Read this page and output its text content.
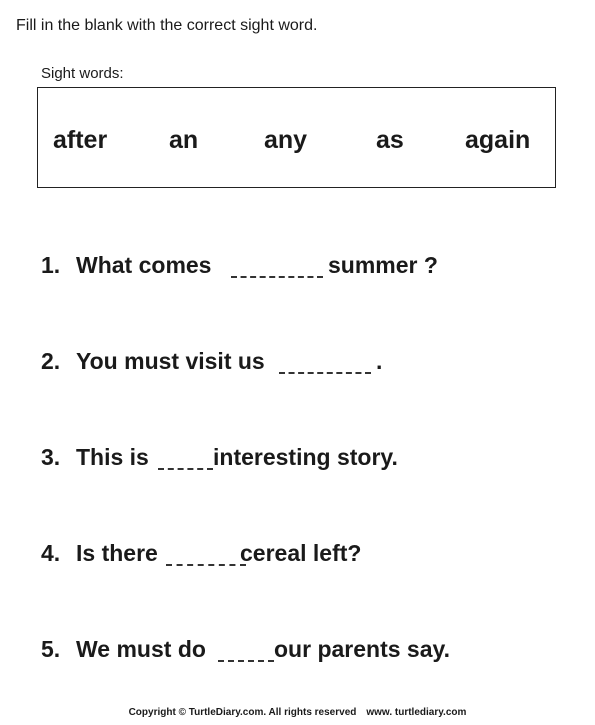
Fill in the blank with the correct sight word.
Sight words:
after an	any	as again
1. What comes	summer ?
2. You must visit us	.
3. This is	interesting story.
4. Is there	cereal left?
5. We must do	our parents say.
Copyright © TurtleDiary.com. All rights reserved www. turtlediary.com
